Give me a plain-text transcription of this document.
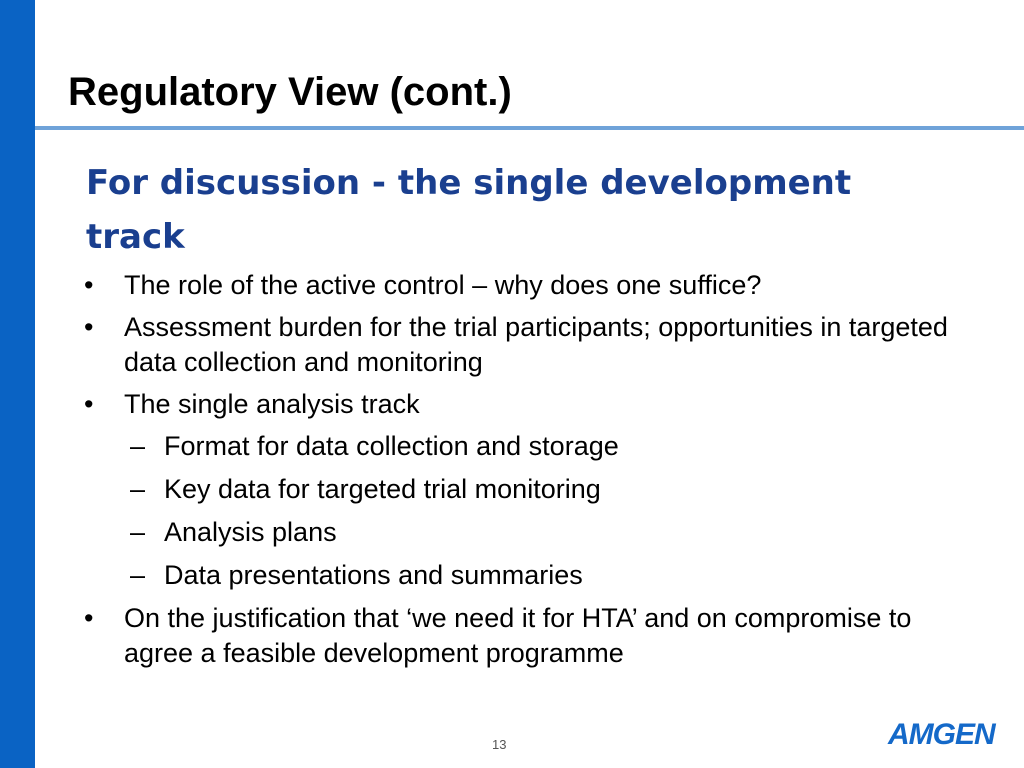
Regulatory View (cont.)
For discussion - the single development track
•	The role of the active control – why does one suffice?
•	Assessment burden for the trial participants; opportunities in targeted data collection and monitoring
•	The single analysis track
– Format for data collection and storage
– Key data for targeted trial monitoring
– Analysis plans
– Data presentations and summaries
•	On the justification that ‘we need it for HTA’ and on compromise to agree a feasible development programme
13	AMGEN
